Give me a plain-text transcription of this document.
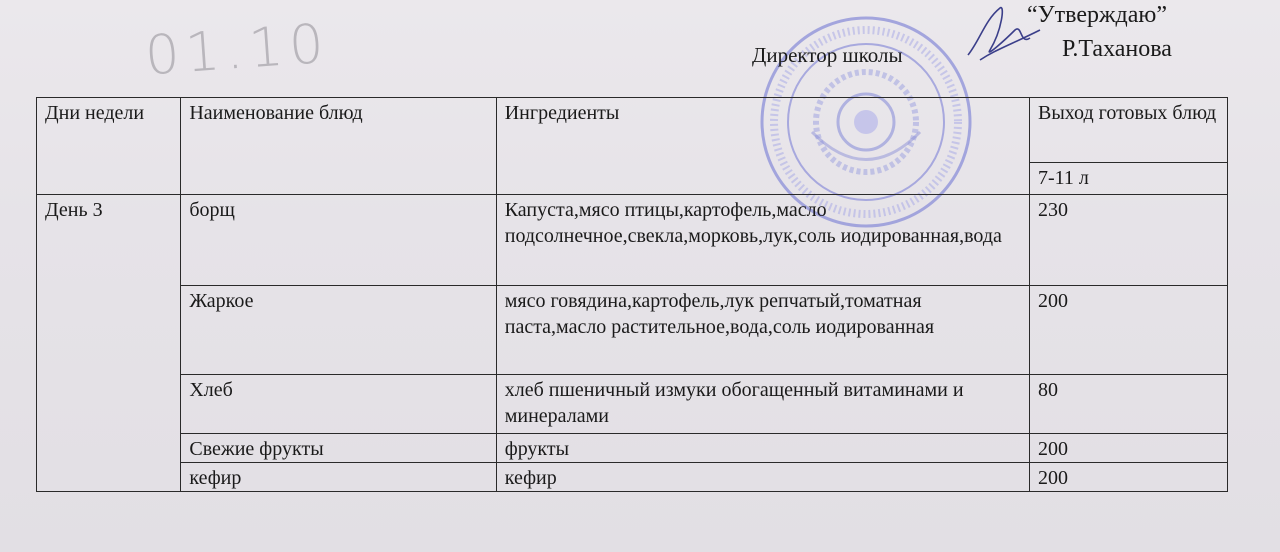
01.10	“Утверждаю”
Директор школы	Р.Таханова
Дни недели	Наименование блюд	Ингредиенты	Выход готовых блюд
			7-11 л
День 3	борщ	Капуста,мясо птицы,картофель,масло подсолнечное,свекла,морковь,лук,соль иодированная,вода	230
	Жаркое	мясо говядина,картофель,лук репчатый,томатная паста,масло растительное,вода,соль иодированная	200
	Хлеб	хлеб пшеничный измуки обогащенный витаминами и минералами	80
	Свежие фрукты	фрукты	200
	кефир	кефир	200
